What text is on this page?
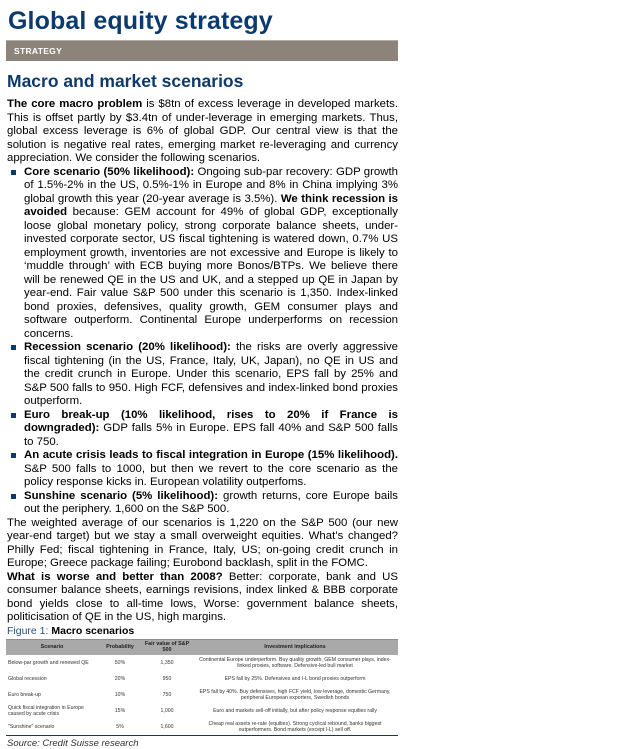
Global equity strategy
STRATEGY
Macro and market scenarios
The core macro problem is $8tn of excess leverage in developed markets. This is offset partly by $3.4tn of under-leverage in emerging markets. Thus, global excess leverage is 6% of global GDP. Our central view is that the solution is negative real rates, emerging market re-leveraging and currency appreciation. We consider the following scenarios.
Core scenario (50% likelihood): Ongoing sub-par recovery: GDP growth of 1.5%-2% in the US, 0.5%-1% in Europe and 8% in China implying 3% global growth this year (20-year average is 3.5%). We think recession is avoided because: GEM account for 49% of global GDP, exceptionally loose global monetary policy, strong corporate balance sheets, under-invested corporate sector, US fiscal tightening is watered down, 0.7% US employment growth, inventories are not excessive and Europe is likely to ‘muddle through’ with ECB buying more Bonos/BTPs. We believe there will be renewed QE in the US and UK, and a stepped up QE in Japan by year-end. Fair value S&P 500 under this scenario is 1,350. Index-linked bond proxies, defensives, quality growth, GEM consumer plays and software outperform. Continental Europe underperforms on recession concerns.
Recession scenario (20% likelihood): the risks are overly aggressive fiscal tightening (in the US, France, Italy, UK, Japan), no QE in US and the credit crunch in Europe. Under this scenario, EPS fall by 25% and S&P 500 falls to 950. High FCF, defensives and index-linked bond proxies outperform.
Euro break-up (10% likelihood, rises to 20% if France is downgraded): GDP falls 5% in Europe. EPS fall 40% and S&P 500 falls to 750.
An acute crisis leads to fiscal integration in Europe (15% likelihood). S&P 500 falls to 1000, but then we revert to the core scenario as the policy response kicks in. European volatility outperfoms.
Sunshine scenario (5% likelihood): growth returns, core Europe bails out the periphery. 1,600 on the S&P 500.
The weighted average of our scenarios is 1,220 on the S&P 500 (our new year-end target) but we stay a small overweight equities. What’s changed? Philly Fed; fiscal tightening in France, Italy, US; on-going credit crunch in Europe; Greece package failing; Eurobond backlash, split in the FOMC.
What is worse and better than 2008? Better: corporate, bank and US consumer balance sheets, earnings revisions, index linked & BBB corporate bond yields close to all-time lows, Worse: government balance sheets, politicisation of QE in the US, high margins.
Figure 1: Macro scenarios
Scenario	Probability	Fair value of S&P 500	Investment implications
Below-par growth and renewed QE	50%	1,350	Continental Europe underperform. Buy quality growth, GEM consumer plays, index-linked proxies, software. Defensive-led bull market
Global recession	20%	950	EPS fall by 25%. Defensives and I-L bond proxies outperform
Euro break-up	10%	750	EPS fall by 40%. Buy defensives, high FCF yield, low leverage, domestic Germany, peripheral European exporters, Swedish bonds
Quick fiscal integration in Europe caused by acute crisis	15%	1,000	Euro and markets sell-off initially, but after policy response equities rally
"Sunshine" scenario	5%	1,600	Cheap real assets re-rate (equities). Strong cyclical rebound, banks biggest outperformers. Bond markets (except I-L) sell off.
Source: Credit Suisse research
